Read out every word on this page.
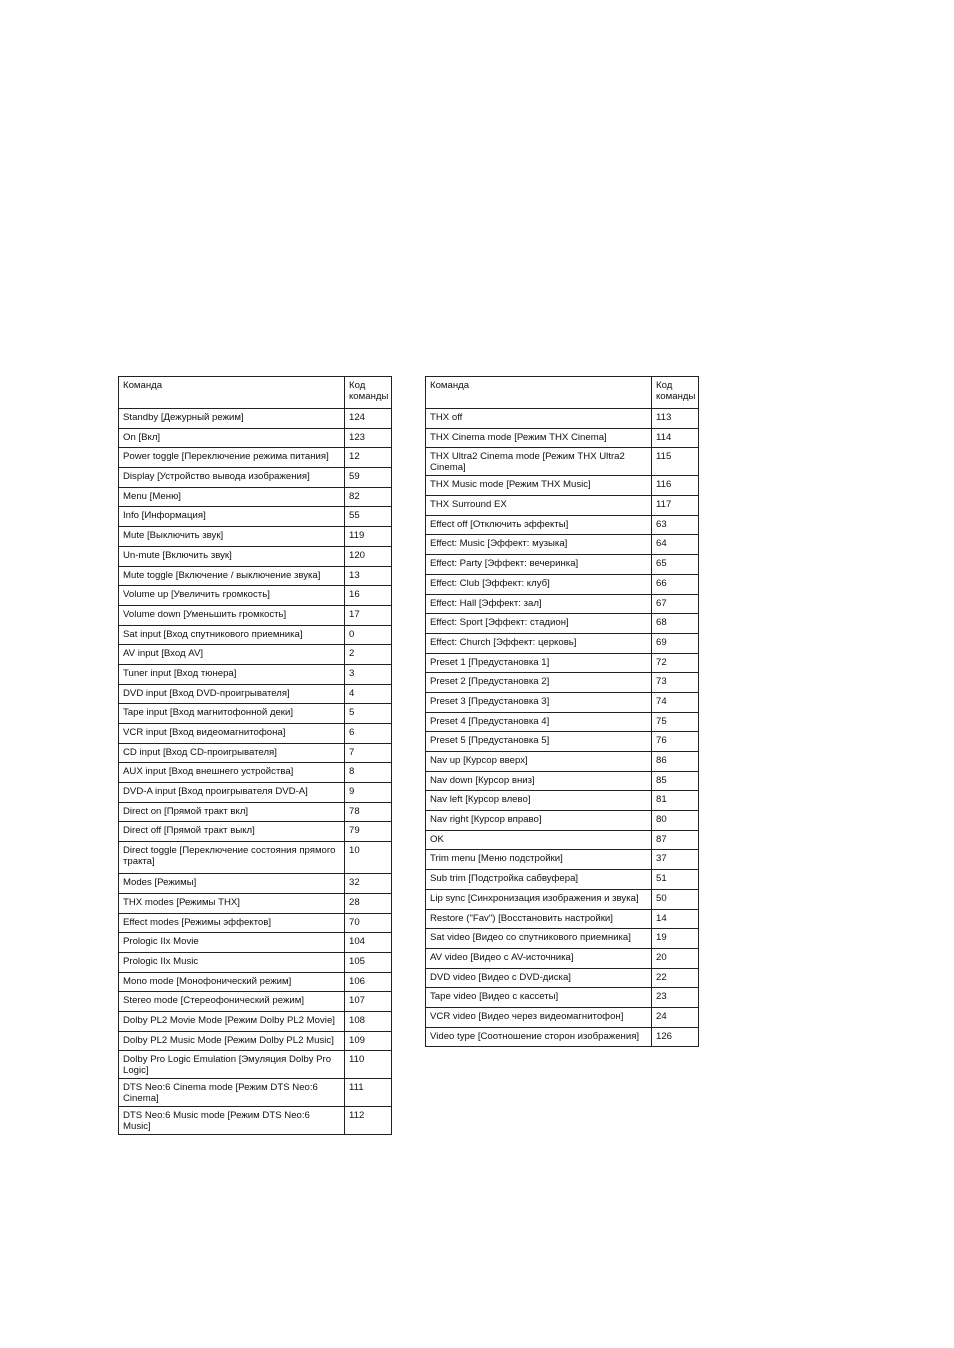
Команда	Код
команды
Standby [Дежурный режим]	124
On [Вкл]	123
Power toggle [Переключение режима питания]	12
Display [Устройство вывода изображения]	59
Menu [Меню]	82
Info [Информация]	55
Mute [Выключить звук]	119
Un-mute [Включить звук]	120
Mute toggle [Включение / выключение звука]	13
Volume up [Увеличить громкость]	16
Volume down [Уменьшить громкость]	17
Sat input [Вход спутникового приемника]	0
AV input [Вход AV]	2
Tuner input [Вход тюнера]	3
DVD input [Вход DVD-проигрывателя]	4
Tape input [Вход магнитофонной деки]	5
VCR input [Вход видеомагнитофона]	6
CD input [Вход CD-проигрывателя]	7
AUX input [Вход внешнего устройства]	8
DVD-A input [Вход проигрывателя DVD-A]	9
Direct on [Прямой тракт вкл]	78
Direct off [Прямой тракт выкл]	79
Direct toggle [Переключение состояния прямого тракта]	10
Modes [Режимы]	32
THX modes [Режимы THX]	28
Effect modes [Режимы эффектов]	70
Prologic IIx Movie	104
Prologic IIx Music	105
Mono mode [Монофонический режим]	106
Stereo mode [Стереофонический режим]	107
Dolby PL2 Movie Mode [Режим Dolby PL2 Movie]	108
Dolby PL2 Music Mode [Режим Dolby PL2 Music]	109
Dolby Pro Logic Emulation [Эмуляция Dolby Pro Logic]	110
DTS Neo:6 Cinema mode [Режим DTS Neo:6 Cinema]	111
DTS Neo:6 Music mode [Режим DTS Neo:6 Music]	112
Команда	Код
команды
THX off	113
THX Cinema mode [Режим THX Cinema]	114
THX Ultra2 Cinema mode [Режим THX Ultra2 Cinema]	115
THX Music mode [Режим THX Music]	116
THX Surround EX	117
Effect off [Отключить эффекты]	63
Effect: Music [Эффект: музыка]	64
Effect: Party [Эффект: вечеринка]	65
Effect: Club [Эффект: клуб]	66
Effect: Hall [Эффект: зал]	67
Effect: Sport [Эффект: стадион]	68
Effect: Church [Эффект: церковь]	69
Preset 1 [Предустановка 1]	72
Preset 2 [Предустановка 2]	73
Preset 3 [Предустановка 3]	74
Preset 4 [Предустановка 4]	75
Preset 5 [Предустановка 5]	76
Nav up [Курсор вверх]	86
Nav down [Курсор вниз]	85
Nav left [Курсор влево]	81
Nav right [Курсор вправо]	80
OK	87
Trim menu [Меню подстройки]	37
Sub trim [Подстройка сабвуфера]	51
Lip sync [Синхронизация изображения и звука]	50
Restore ("Fav") [Восстановить настройки]	14
Sat video [Видео со спутникового приемника]	19
AV video [Видео с AV-источника]	20
DVD video [Видео с DVD-диска]	22
Tape video [Видео с кассеты]	23
VCR video [Видео через видеомагнитофон]	24
Video type [Соотношение сторон изображения]	126
